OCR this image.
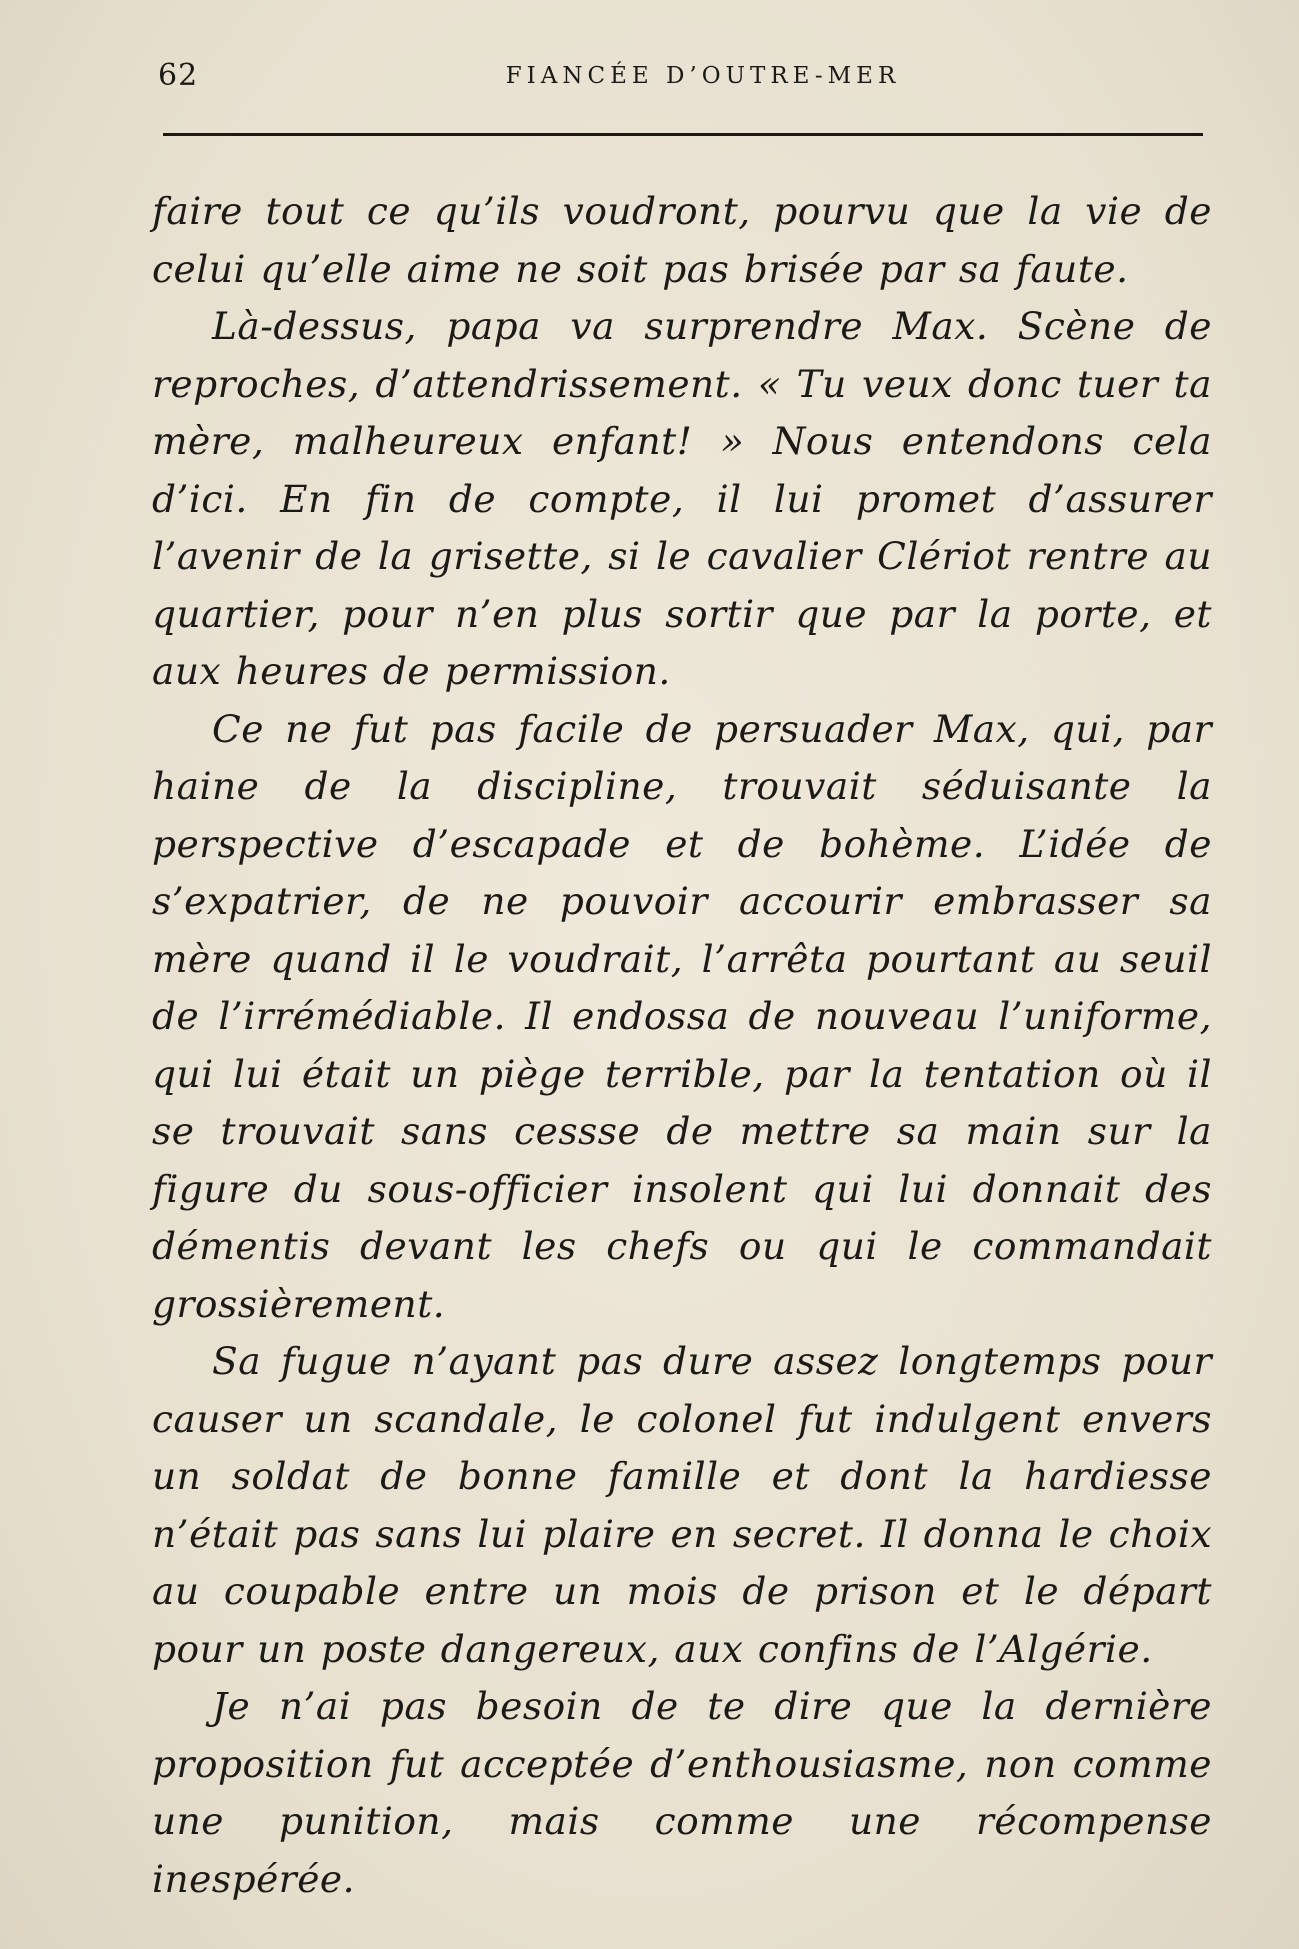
62	FIANCÉE D’OUTRE-MER

faire tout ce qu’ils voudront, pourvu que la vie de celui qu’elle aime ne soit pas brisée par sa faute.

Là-dessus, papa va surprendre Max. Scène de reproches, d’attendrissement. « Tu veux donc tuer ta mère, malheureux enfant! » Nous entendons cela d’ici. En fin de compte, il lui promet d’assurer l’avenir de la grisette, si le cavalier Clériot rentre au quartier, pour n’en plus sortir que par la porte, et aux heures de permission.

Ce ne fut pas facile de persuader Max, qui, par haine de la discipline, trouvait séduisante la perspective d’escapade et de bohème. L’idée de s’expatrier, de ne pouvoir accourir embrasser sa mère quand il le voudrait, l’arrêta pourtant au seuil de l’irrémédiable. Il endossa de nouveau l’uniforme, qui lui était un piège terrible, par la tentation où il se trouvait sans cessse de mettre sa main sur la figure du sous-officier insolent qui lui donnait des démentis devant les chefs ou qui le commandait grossièrement.

Sa fugue n’ayant pas dure assez longtemps pour causer un scandale, le colonel fut indulgent envers un soldat de bonne famille et dont la hardiesse n’était pas sans lui plaire en secret. Il donna le choix au coupable entre un mois de prison et le départ pour un poste dangereux, aux confins de l’Algérie.

Je n’ai pas besoin de te dire que la dernière proposition fut acceptée d’enthousiasme, non comme une punition, mais comme une récompense inespérée.
